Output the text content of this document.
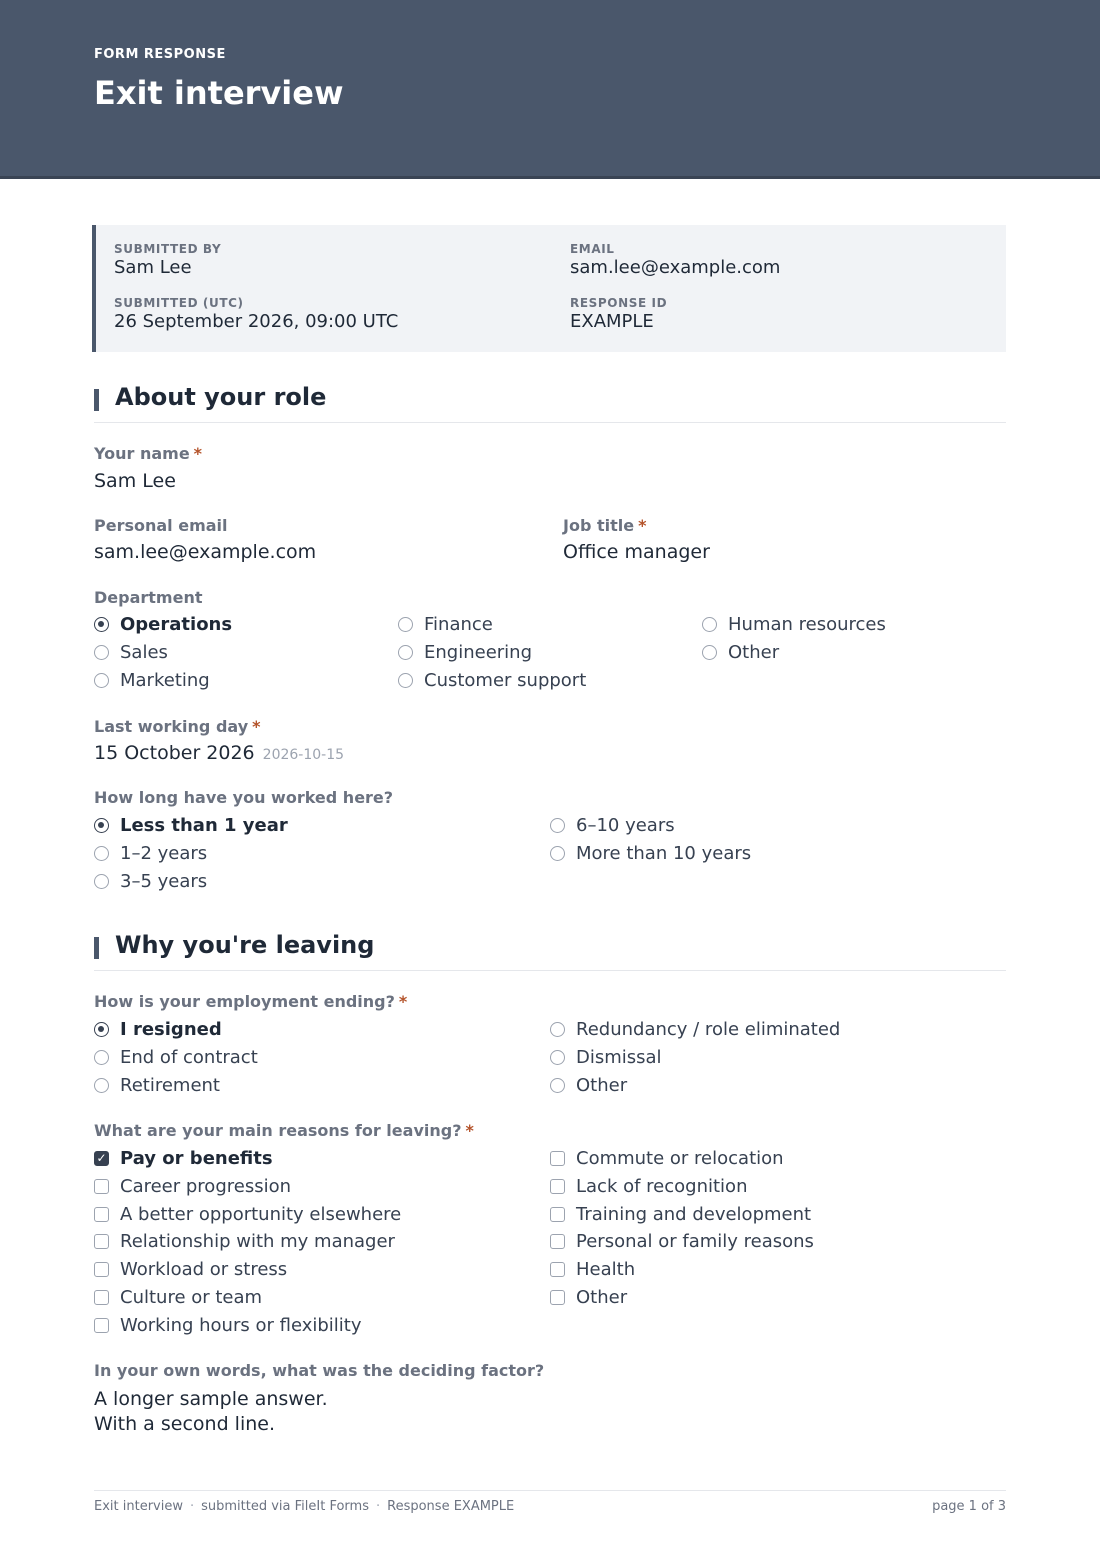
FORM RESPONSE
Exit interview
SUBMITTED BY
Sam Lee
EMAIL
sam.lee@example.com
SUBMITTED (UTC)
26 September 2026, 09:00 UTC
RESPONSE ID
EXAMPLE
About your role
Your name *
Sam Lee
Personal email
sam.lee@example.com
Job title *
Office manager
Department
Operations
Sales
Marketing
Finance
Engineering
Customer support
Human resources
Other
Last working day *
15 October 2026 2026-10-15
How long have you worked here?
Less than 1 year
1–2 years
3–5 years
6–10 years
More than 10 years
Why you're leaving
How is your employment ending? *
I resigned
End of contract
Retirement
Redundancy / role eliminated
Dismissal
Other
What are your main reasons for leaving? *
✓ Pay or benefits
Career progression
A better opportunity elsewhere
Relationship with my manager
Workload or stress
Culture or team
Working hours or flexibility
Commute or relocation
Lack of recognition
Training and development
Personal or family reasons
Health
Other
In your own words, what was the deciding factor?
A longer sample answer.
With a second line.
Exit interview · submitted via FileIt Forms · Response EXAMPLE	page 1 of 3
